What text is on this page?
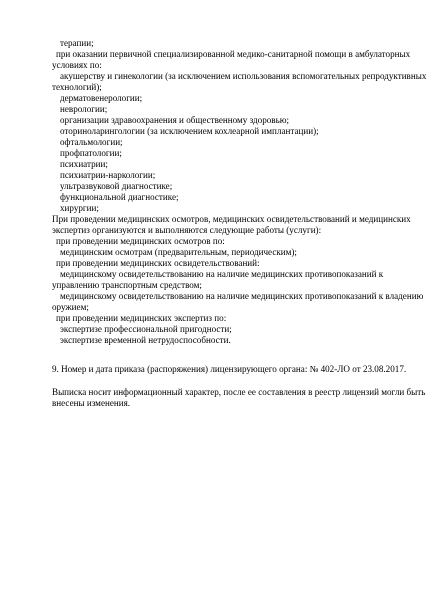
терапии;
при оказании первичной специализированной медико-санитарной помощи в амбулаторных
условиях по:
акушерству и гинекологии (за исключением использования вспомогательных репродуктивных
технологий);
дерматовенерологии;
неврологии;
организации здравоохранения и общественному здоровью;
оториноларингологии (за исключением кохлеарной имплантации);
офтальмологии;
профпатологии;
психиатрии;
психиатрии-наркологии;
ультразвуковой диагностике;
функциональной диагностике;
хирургии;
При проведении медицинских осмотров, медицинских освидетельствований и медицинских
экспертиз организуются и выполняются следующие работы (услуги):
при проведении медицинских осмотров по:
медицинским осмотрам (предварительным, периодическим);
при проведении медицинских освидетельствований:
медицинскому освидетельствованию на наличие медицинских противопоказаний к
управлению транспортным средством;
медицинскому освидетельствованию на наличие медицинских противопоказаний к владению
оружием;
при проведении медицинских экспертиз по:
экспертизе профессиональной пригодности;
экспертизе временной нетрудоспособности.
9. Номер и дата приказа (распоряжения) лицензирующего органа: № 402-ЛО от 23.08.2017.
Выписка носит информационный характер, после ее составления в реестр лицензий могли быть
внесены изменения.
